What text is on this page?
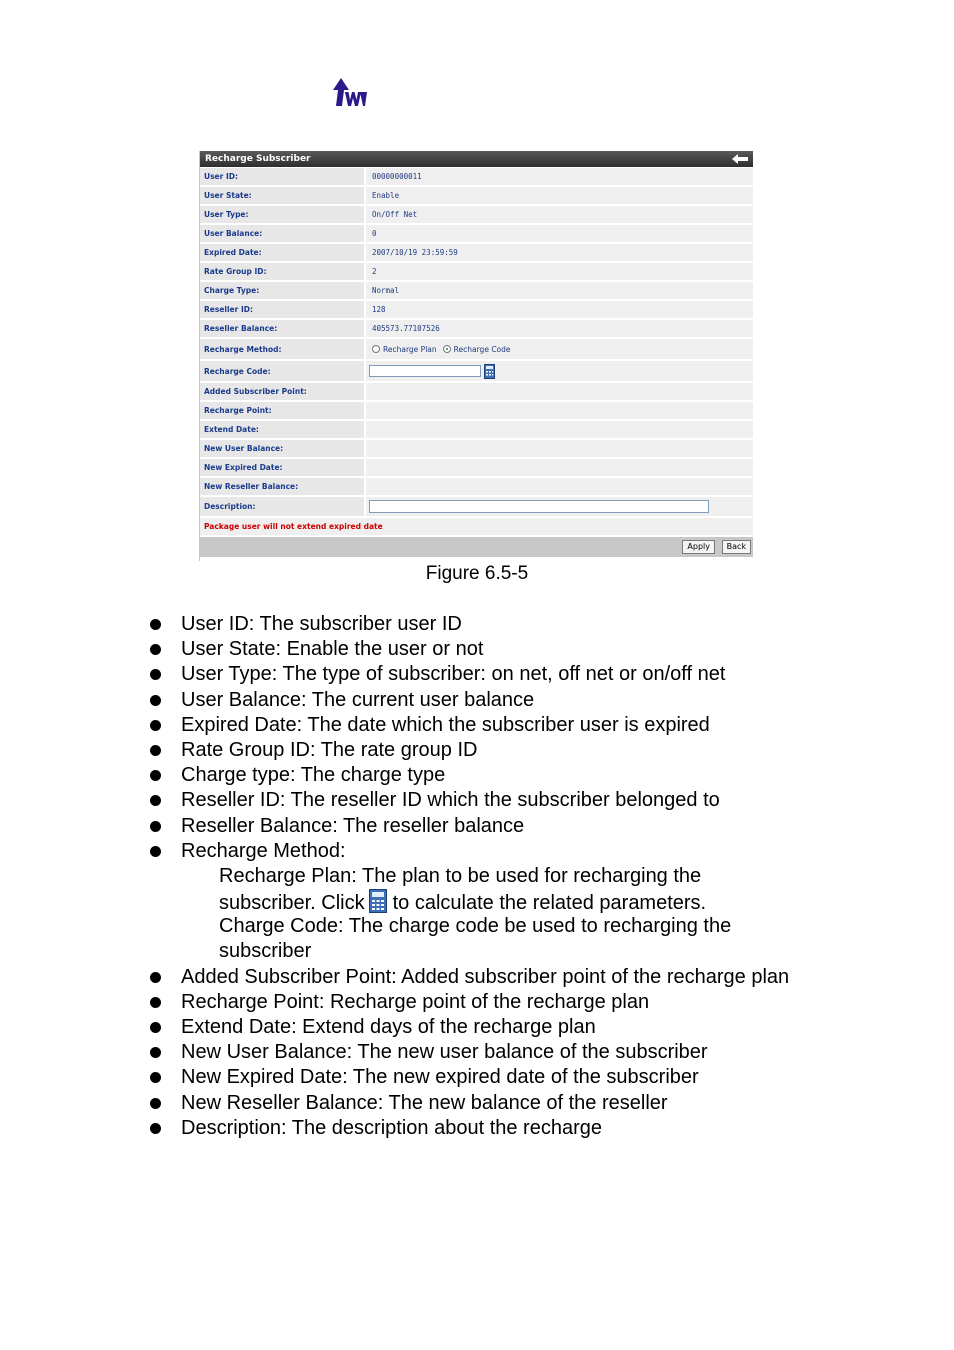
Recharge Subscriber
User ID:	00000000011
User State:	Enable
User Type:	On/Off Net
User Balance:	0
Expired Date:	2007/10/19 23:59:59
Rate Group ID:	2
Charge Type:	Normal
Reseller ID:	128
Reseller Balance:	405573.77107526
Recharge Method:	Recharge Plan Recharge Code
Recharge Code:
Added Subscriber Point:
Recharge Point:
Extend Date:
New User Balance:
New Expired Date:
New Reseller Balance:
Description:
Package user will not extend expired date
Apply	Back
Figure 6.5-5
User ID: The subscriber user ID
User State: Enable the user or not
User Type: The type of subscriber: on net, off net or on/off net
User Balance: The current user balance
Expired Date: The date which the subscriber user is expired
Rate Group ID: The rate group ID
Charge type: The charge type
Reseller ID: The reseller ID which the subscriber belonged to
Reseller Balance: The reseller balance
Recharge Method:
Recharge Plan: The plan to be used for recharging the
subscriber. Click to calculate the related parameters.
Charge Code: The charge code be used to recharging the
subscriber
Added Subscriber Point: Added subscriber point of the recharge plan
Recharge Point: Recharge point of the recharge plan
Extend Date: Extend days of the recharge plan
New User Balance: The new user balance of the subscriber
New Expired Date: The new expired date of the subscriber
New Reseller Balance: The new balance of the reseller
Description: The description about the recharge
